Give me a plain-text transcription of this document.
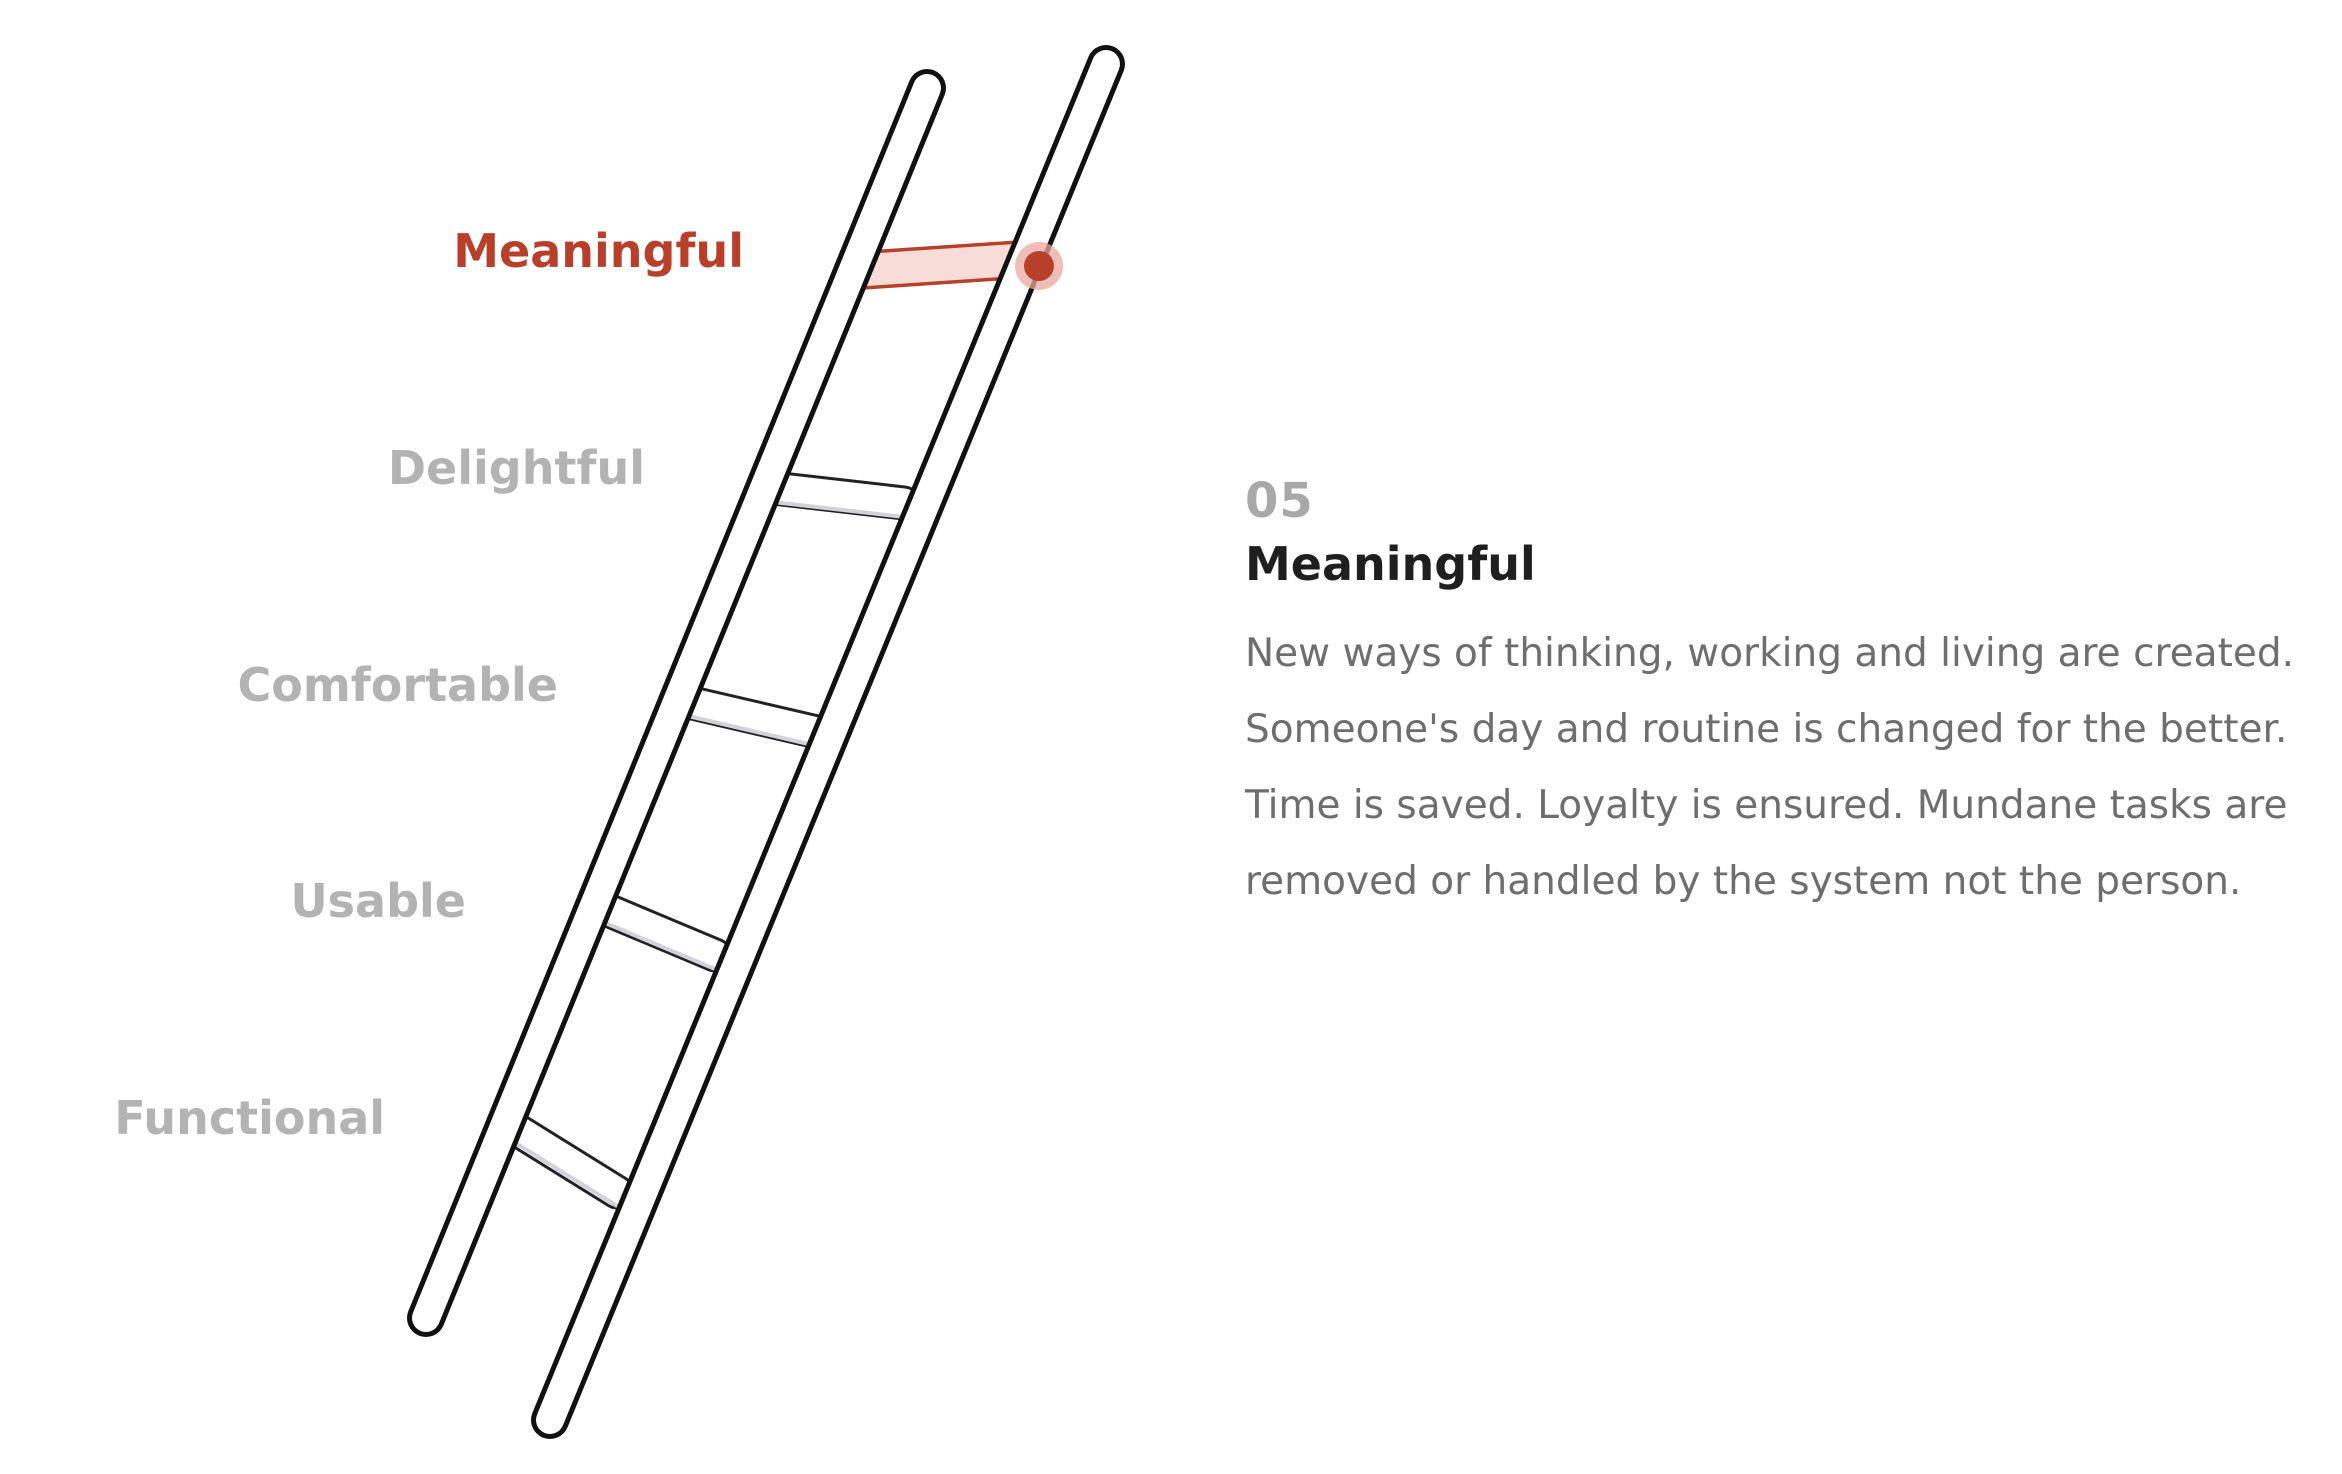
Meaningful
Delightful
Comfortable
Usable
Functional
05
Meaningful
New ways of thinking, working and living are created. Someone's day and routine is changed for the better. Time is saved. Loyalty is ensured. Mundane tasks are removed or handled by the system not the person.
